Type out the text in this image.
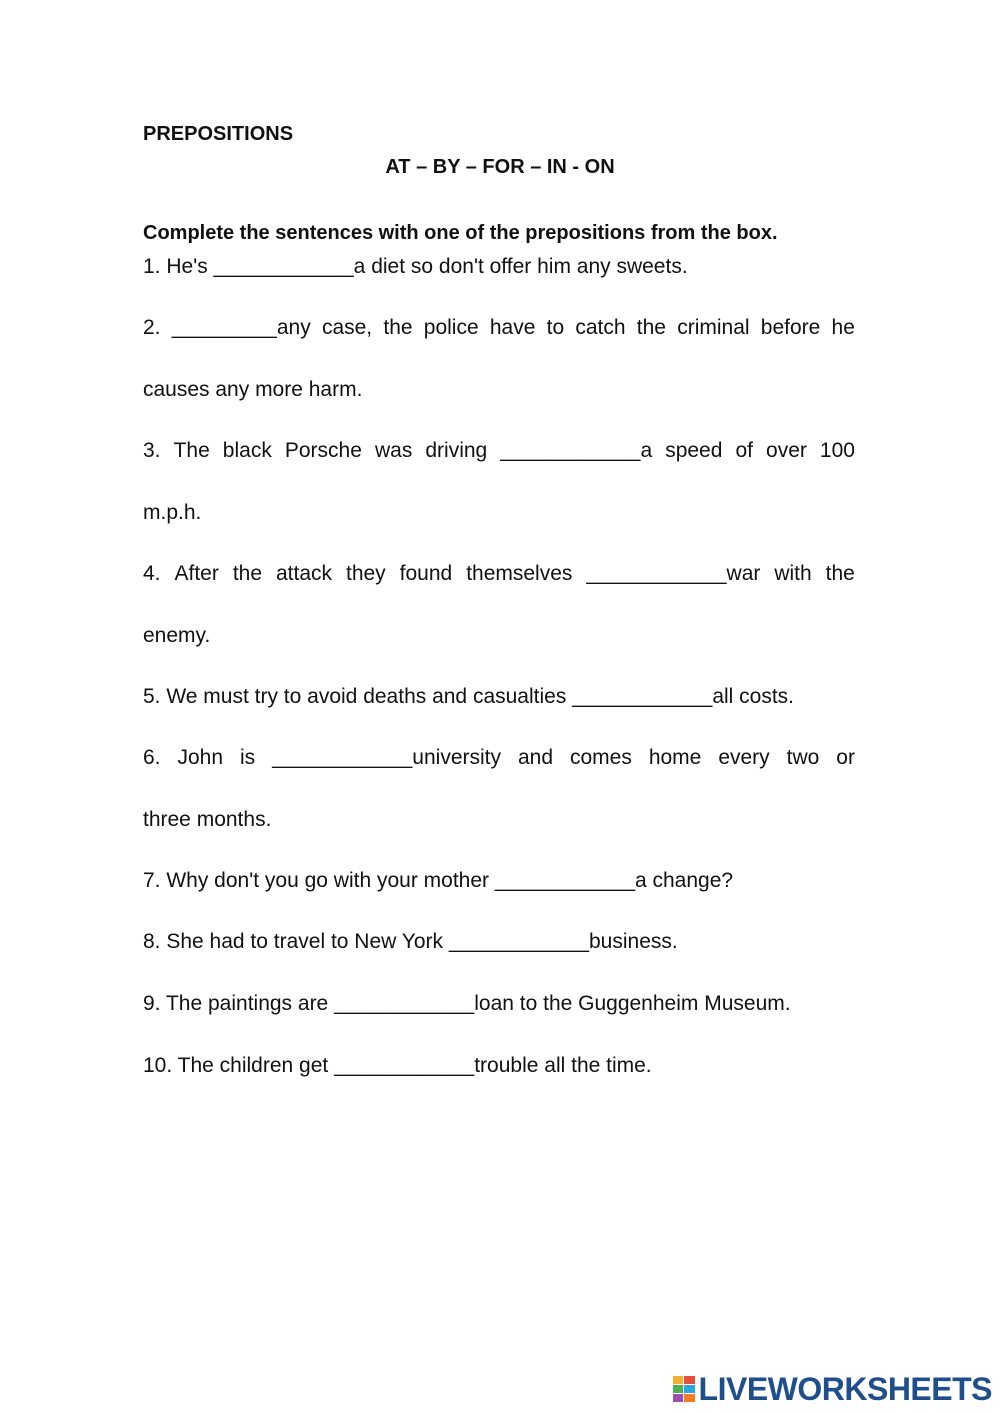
PREPOSITIONS
AT – BY – FOR – IN - ON
Complete the sentences with one of the prepositions from the box.
1. He's ____________a diet so don't offer him any sweets.
2. _________any case, the police have to catch the criminal before he
causes any more harm.
3. The black Porsche was driving ____________a speed of over 100
m.p.h.
4. After the attack they found themselves ____________war with the
enemy.
5. We must try to avoid deaths and casualties ____________all costs.
6. John is ____________university and comes home every two or
three months.
7. Why don't you go with your mother ____________a change?
8. She had to travel to New York ____________business.
9. The paintings are ____________loan to the Guggenheim Museum.
10. The children get ____________trouble all the time.
LIVEWORKSHEETS
